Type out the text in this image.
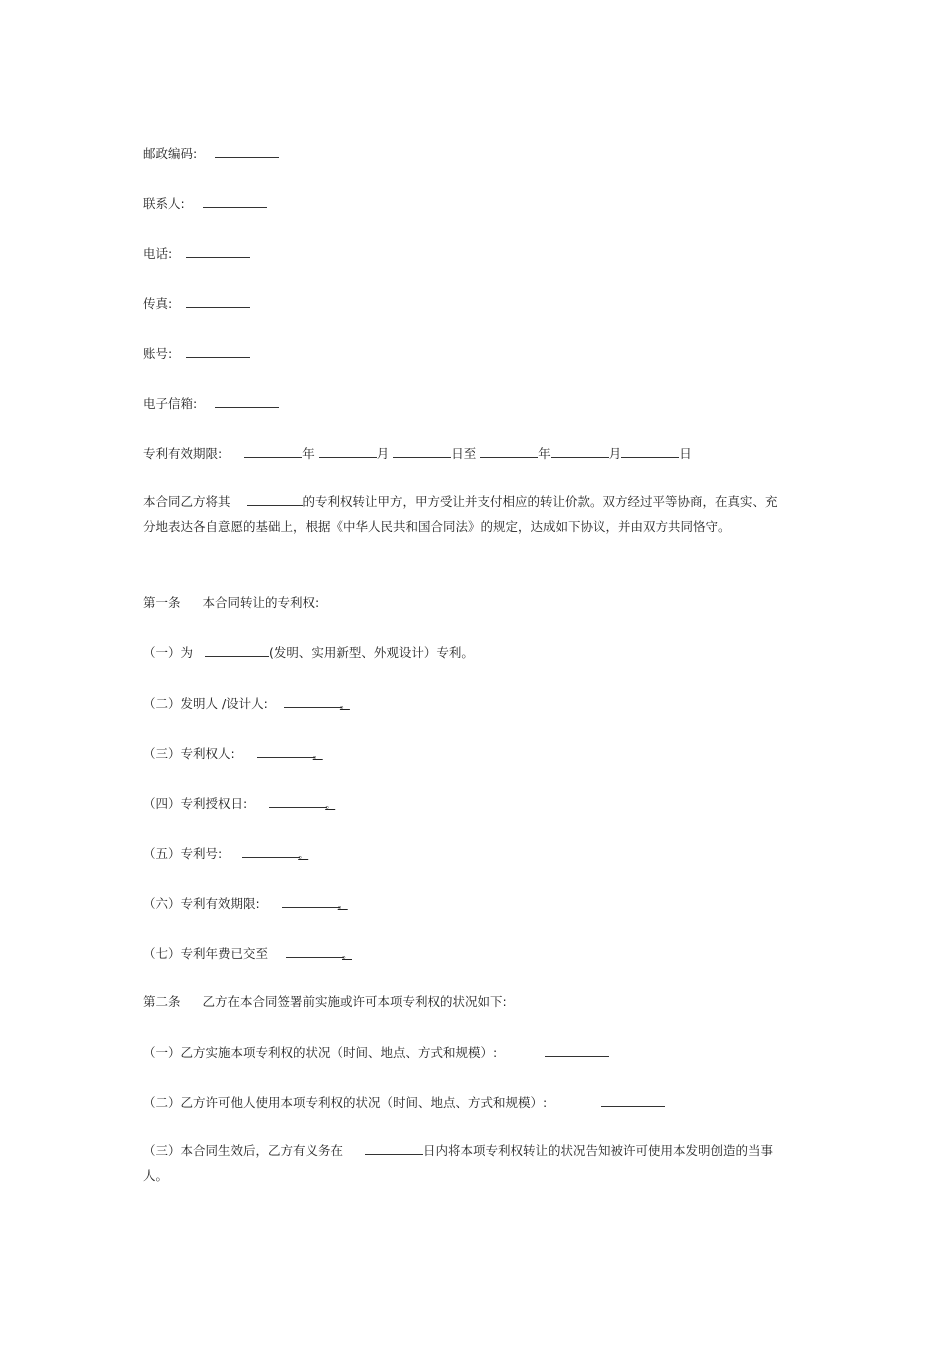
邮政编码:
联系人:
电话:
传真:
账号:
电子信箱:
专利有效期限:	年	月	日至	年	月	日
本合同乙方将其	的专利权转让甲方，甲方受让并支付相应的转让价款。双方经过平等协商，在真实、充分地表达各自意愿的基础上，根据《中华人民共和国合同法》的规定，达成如下协议，并由双方共同恪守。
第一条 本合同转让的专利权:
（一）为	(发明、实用新型、外观设计）专利。
（二）发明人 /设计人:	。
（三）专利权人:	。
（四）专利授权日:	。
（五）专利号:	。
（六）专利有效期限:	。
（七）专利年费已交至	。
第二条 乙方在本合同签署前实施或许可本项专利权的状况如下:
（一）乙方实施本项专利权的状况（时间、地点、方式和规模）:
（二）乙方许可他人使用本项专利权的状况（时间、地点、方式和规模）:
（三）本合同生效后，乙方有义务在	日内将本项专利权转让的状况告知被许可使用本发明创造的当事人。
